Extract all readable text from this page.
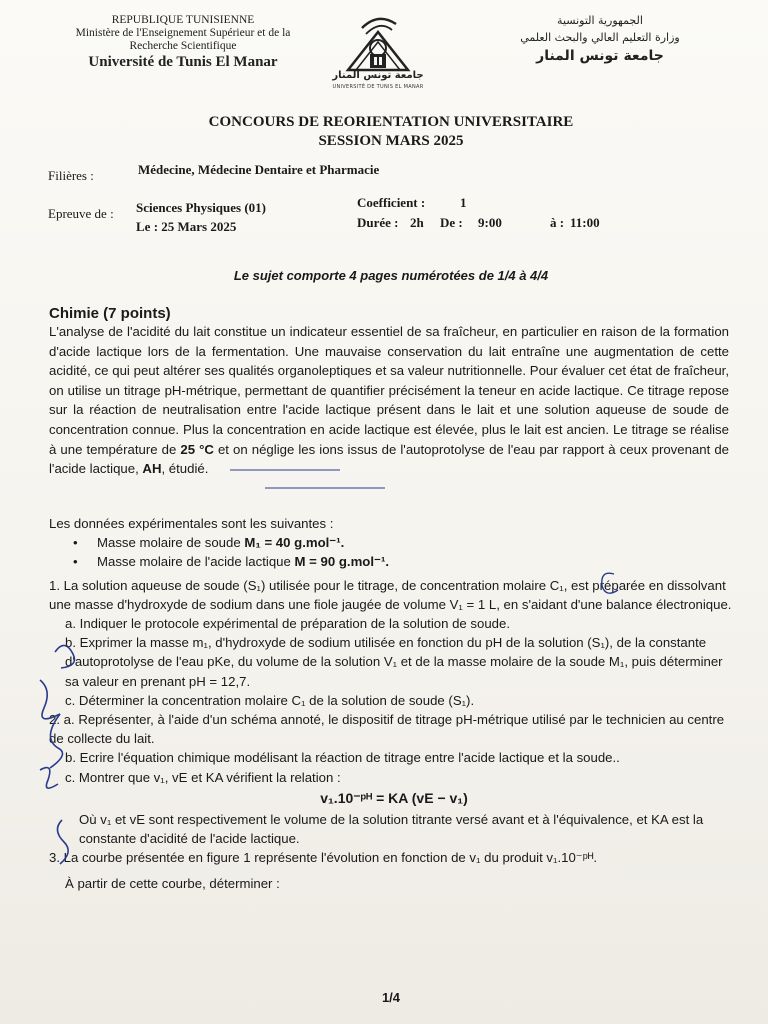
REPUBLIQUE TUNISIENNE
Ministère de l'Enseignement Supérieur et de la
Recherche Scientifique
Université de Tunis El Manar
جامعة تونس المنار
UNIVERSITÉ DE TUNIS EL MANAR
الجمهورية التونسية
وزارة التعليم العالي والبحث العلمي
جامعة تونس المنار
CONCOURS DE REORIENTATION UNIVERSITAIRE
SESSION MARS 2025
Filières :	Médecine, Médecine Dentaire et Pharmacie
Epreuve de : Sciences Physiques (01)
Le : 25 Mars 2025
Coefficient :	1
Durée : 2h De : 9:00	à : 11:00
Le sujet comporte 4 pages numérotées de 1/4 à 4/4
Chimie (7 points)

L'analyse de l'acidité du lait constitue un indicateur essentiel de sa fraîcheur, en particulier en raison de la formation d'acide lactique lors de la fermentation. Une mauvaise conservation du lait entraîne une augmentation de cette acidité, ce qui peut altérer ses qualités organoleptiques et sa valeur nutritionnelle. Pour évaluer cet état de fraîcheur, on utilise un titrage pH-métrique, permettant de quantifier précisément la teneur en acide lactique. Ce titrage repose sur la réaction de neutralisation entre l'acide lactique présent dans le lait et une solution aqueuse de soude de concentration connue. Plus la concentration en acide lactique est élevée, plus le lait est ancien. Le titrage se réalise à une température de 25 °C et on néglige les ions issus de l'autoprotolyse de l'eau par rapport à ceux provenant de l'acide lactique, AH, étudié.

Les données expérimentales sont les suivantes :
• Masse molaire de soude M₁ = 40 g.mol⁻¹.
• Masse molaire de l'acide lactique M = 90 g.mol⁻¹.
1. La solution aqueuse de soude (S₁) utilisée pour le titrage, de concentration molaire C₁, est préparée en dissolvant une masse d'hydroxyde de sodium dans une fiole jaugée de volume V₁ = 1 L, en s'aidant d'une balance électronique.
a. Indiquer le protocole expérimental de préparation de la solution de soude.
b. Exprimer la masse m₁, d'hydroxyde de sodium utilisée en fonction du pH de la solution (S₁), de la constante d'autoprotolyse de l'eau pKe, du volume de la solution V₁ et de la masse molaire de la soude M₁, puis déterminer sa valeur en prenant pH = 12,7.
c. Déterminer la concentration molaire C₁ de la solution de soude (S₁).
2. a. Représenter, à l'aide d'un schéma annoté, le dispositif de titrage pH-métrique utilisé par le technicien au centre de collecte du lait.
b. Ecrire l'équation chimique modélisant la réaction de titrage entre l'acide lactique et la soude..
c. Montrer que v₁, vE et KA vérifient la relation :
v₁.10⁻ᵖᴴ = KA (vE − v₁)
Où v₁ et vE sont respectivement le volume de la solution titrante versé avant et à l'équivalence, et KA est la constante d'acidité de l'acide lactique.
3. La courbe présentée en figure 1 représente l'évolution en fonction de v₁ du produit v₁.10⁻ᵖᴴ.
À partir de cette courbe, déterminer :
1/4
